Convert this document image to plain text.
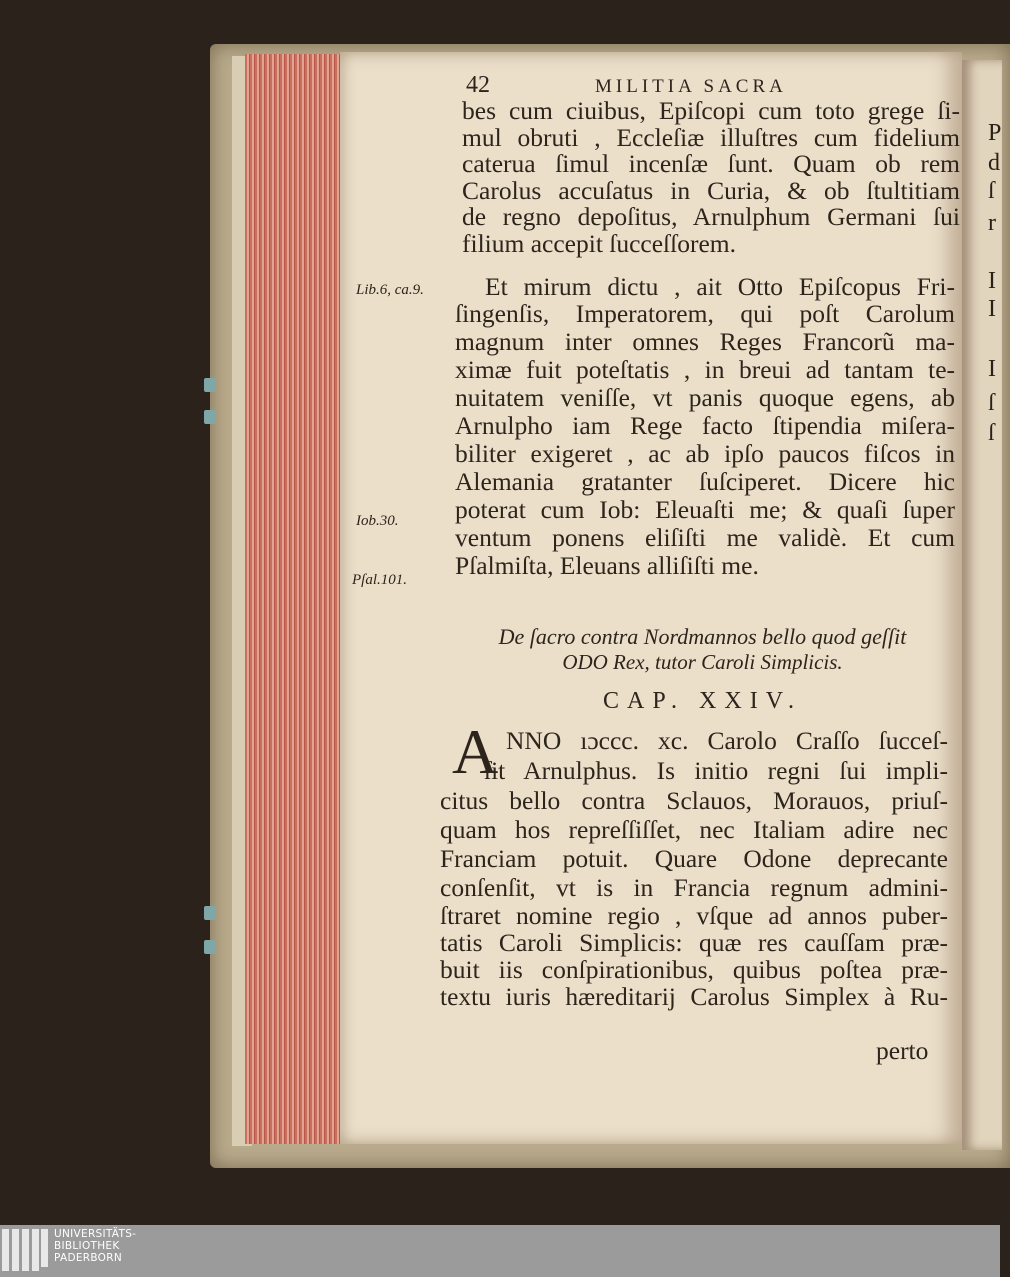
P
d
ſ
r
I
I
I
ſ
ſ
42	MILITIA SACRA
bes cum ciuibus, Epiſcopi cum toto grege ſi-
mul obruti , Eccleſiæ illuſtres cum fidelium
caterua ſimul incenſæ ſunt. Quam ob rem
Carolus accuſatus in Curia, & ob ſtultitiam
de regno depoſitus, Arnulphum Germani ſui
filium accepit ſucceſſorem.
Lib.6, ca.9.
Iob.30.
Pſal.101.
Et mirum dictu , ait Otto Epiſcopus Fri-
ſingenſis, Imperatorem, qui poſt Carolum
magnum inter omnes Reges Francorũ ma-
ximæ fuit poteſtatis , in breui ad tantam te-
nuitatem veniſſe, vt panis quoque egens, ab
Arnulpho iam Rege facto ſtipendia miſera-
biliter exigeret , ac ab ipſo paucos fiſcos in
Alemania gratanter ſuſciperet. Dicere hic
poterat cum Iob: Eleuaſti me; & quaſi ſuper
ventum ponens eliſiſti me validè. Et cum
Pſalmiſta, Eleuans alliſiſti me.
De ſacro contra Nordmannos bello quod geſſit
ODO Rex, tutor Caroli Simplicis.
CAP. XXIV.
A NNO ıɔccc. xc. Carolo Craſſo ſucceſ-
ſit Arnulphus. Is initio regni ſui impli-
citus bello contra Sclauos, Morauos, priuſ-
quam hos repreſſiſſet, nec Italiam adire nec
Franciam potuit. Quare Odone deprecante
conſenſit, vt is in Francia regnum admini-
ſtraret nomine regio , vſque ad annos puber-
tatis Caroli Simplicis: quæ res cauſſam præ-
buit iis conſpirationibus, quibus poſtea præ-
textu iuris hæreditarij Carolus Simplex à Ru-
perto
UNIVERSITÄTS-
BIBLIOTHEK
PADERBORN
